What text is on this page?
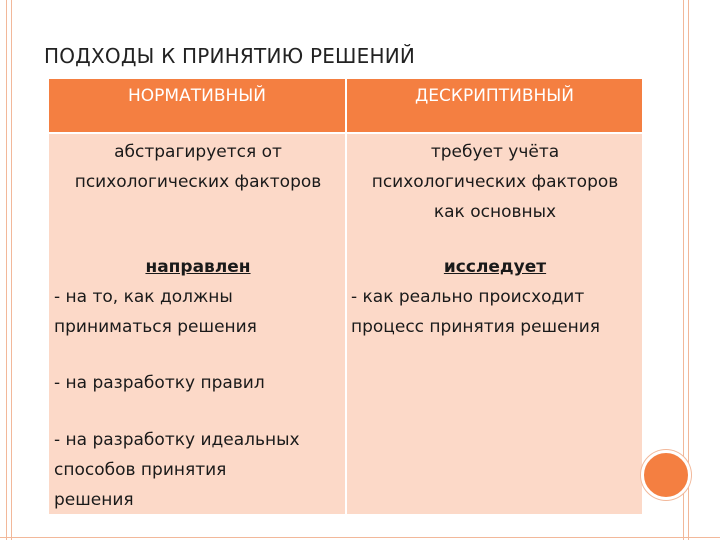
ПОДХОДЫ К ПРИНЯТИЮ РЕШЕНИЙ
НОРМАТИВНЫЙ	ДЕСКРИПТИВНЫЙ
абстрагируется от
психологических факторов
направлен
- на то, как должны
приниматься решения
- на разработку правил
- на разработку идеальных
способов принятия
решения
требует учёта
психологических факторов
как основных
исследует
- как реально происходит
процесс принятия решения
